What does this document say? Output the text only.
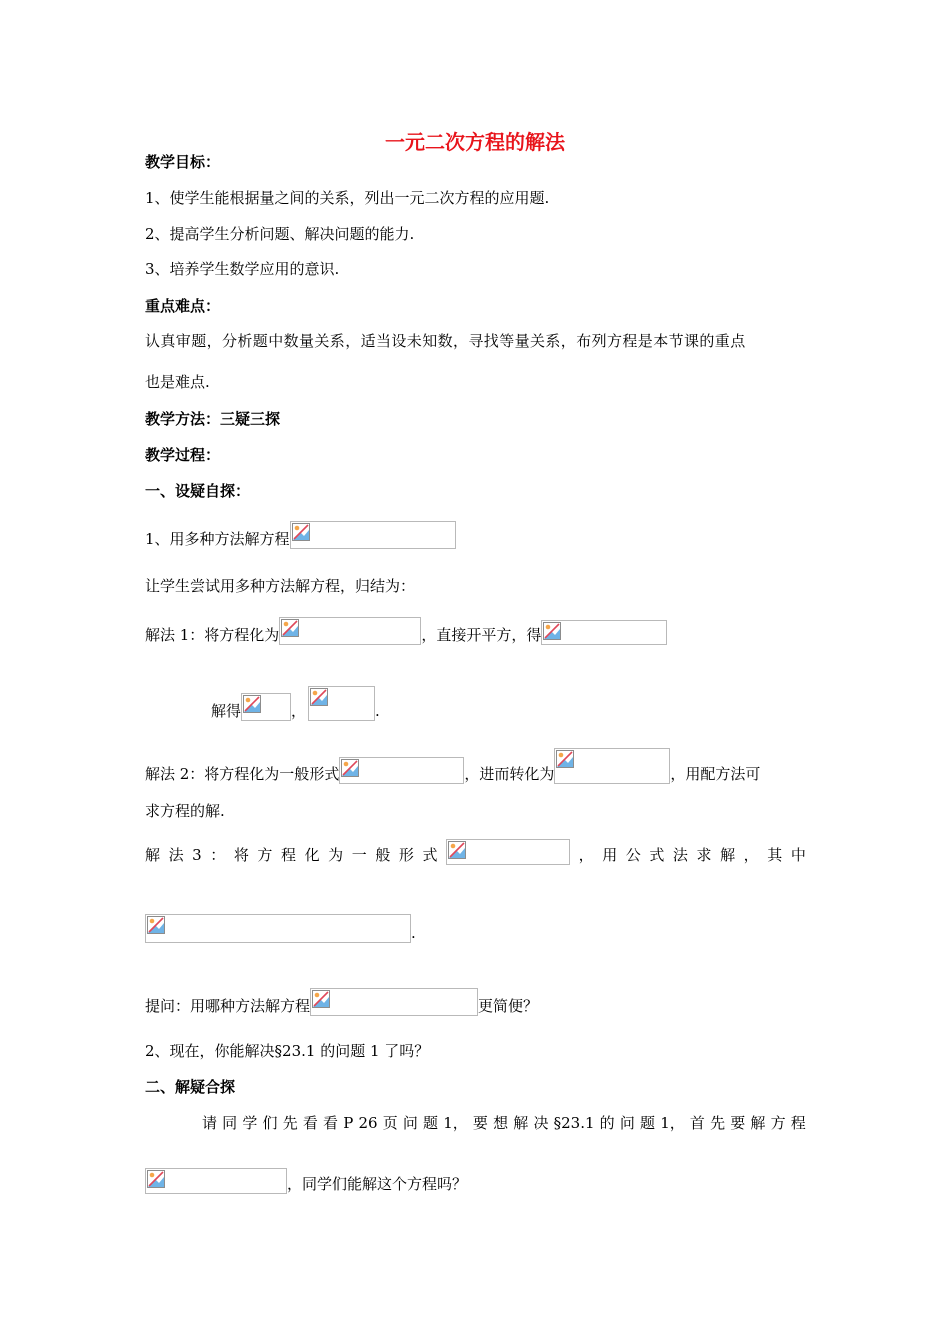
一元二次方程的解法
教学目标：
1、使学生能根据量之间的关系，列出一元二次方程的应用题.
2、提高学生分析问题、解决问题的能力.
3、培养学生数学应用的意识.
重点难点：
认真审题，分析题中数量关系，适当设未知数，寻找等量关系，布列方程是本节课的重点
也是难点.
教学方法：三疑三探
教学过程：
一、设疑自探：
1、用多种方法解方程
让学生尝试用多种方法解方程，归结为：
解法 1：将方程化为	，直接开平方，得
解得	，	.
解法 2：将方程化为一般形式	，进而转化为	，用配方法可
求方程的解.
解 法 3 ： 将 方 程 化 为 一 般 形 式	， 用 公 式 法 求 解 ， 其 中
.
提问：用哪种方法解方程	更简便？
2、现在，你能解决§23.1 的问题 1 了吗？
二、解疑合探
请 同 学 们 先 看 看 P 26 页 问 题 1， 要 想 解 决 §23.1 的 问 题 1， 首 先 要 解 方 程
，同学们能解这个方程吗？
